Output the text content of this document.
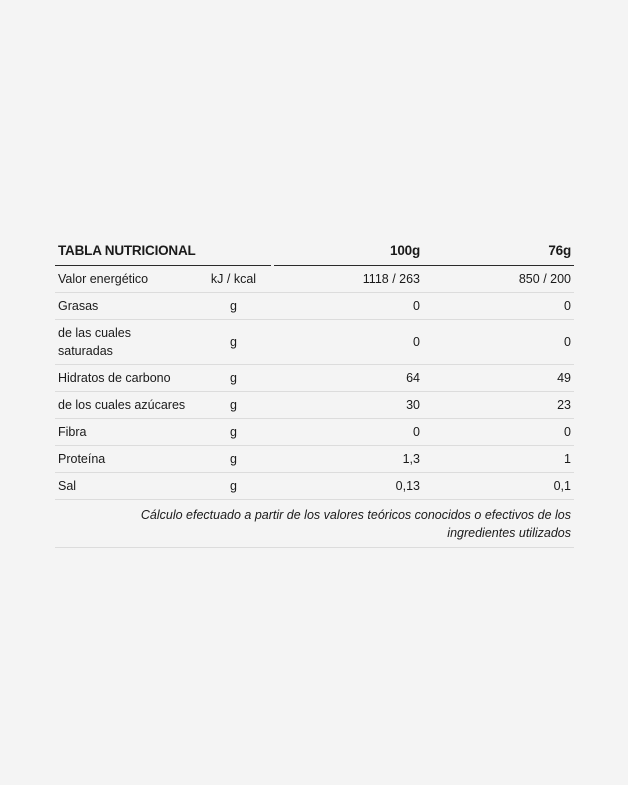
TABLA NUTRICIONAL		100g		76g
Valor energético	kJ / kcal	1118 / 263		850 / 200
Grasas	g	0		0
de las cuales saturadas	g	0		0
Hidratos de carbono	g	64		49
de los cuales azúcares	g	30		23
Fibra	g	0		0
Proteína	g	1,3		1
Sal	g	0,13		0,1
Cálculo efectuado a partir de los valores teóricos conocidos o efectivos de los ingredientes utilizados
